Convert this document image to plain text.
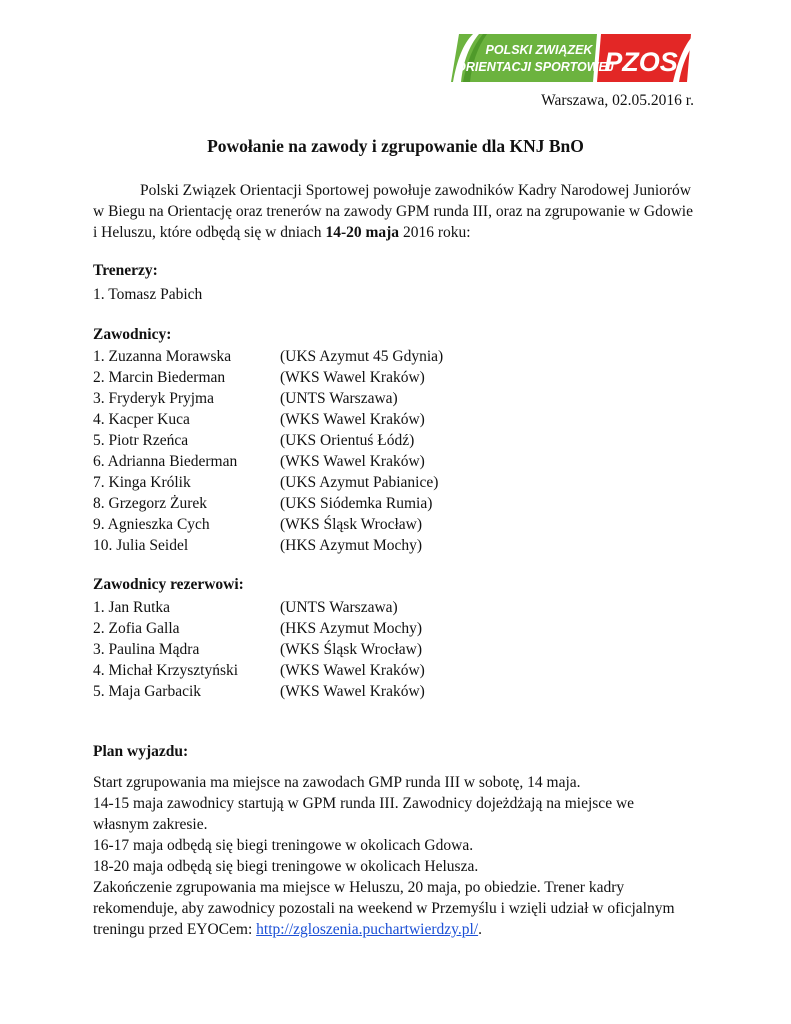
POLSKI ZWIĄZEK
ORIENTACJI SPORTOWEJ
PZOS
Warszawa, 02.05.2016 r.
Powołanie na zawody i zgrupowanie dla KNJ BnO

Polski Związek Orientacji Sportowej powołuje zawodników Kadry Narodowej Juniorów w Biegu na Orientację oraz trenerów na zawody GPM runda III, oraz na zgrupowanie w Gdowie i Heluszu, które odbędą się w dniach 14-20 maja 2016 roku:

Trenerzy:
1. Tomasz Pabich
Zawodnicy:
1. Zuzanna Morawska	(UKS Azymut 45 Gdynia)
2. Marcin Biederman	(WKS Wawel Kraków)
3. Fryderyk Pryjma	(UNTS Warszawa)
4. Kacper Kuca	(WKS Wawel Kraków)
5. Piotr Rzeńca	(UKS Orientuś Łódź)
6. Adrianna Biederman	(WKS Wawel Kraków)
7. Kinga Królik	(UKS Azymut Pabianice)
8. Grzegorz Żurek	(UKS Siódemka Rumia)
9. Agnieszka Cych	(WKS Śląsk Wrocław)
10. Julia Seidel	(HKS Azymut Mochy)
Zawodnicy rezerwowi:
1. Jan Rutka	(UNTS Warszawa)
2. Zofia Galla	(HKS Azymut Mochy)
3. Paulina Mądra	(WKS Śląsk Wrocław)
4. Michał Krzysztyński	(WKS Wawel Kraków)
5. Maja Garbacik	(WKS Wawel Kraków)
Plan wyjazdu:

Start zgrupowania ma miejsce na zawodach GMP runda III w sobotę, 14 maja.

14-15 maja zawodnicy startują w GPM runda III. Zawodnicy dojeżdżają na miejsce we własnym zakresie.

16-17 maja odbędą się biegi treningowe w okolicach Gdowa.

18-20 maja odbędą się biegi treningowe w okolicach Helusza.

Zakończenie zgrupowania ma miejsce w Heluszu, 20 maja, po obiedzie. Trener kadry rekomenduje, aby zawodnicy pozostali na weekend w Przemyślu i wzięli udział w oficjalnym treningu przed EYOCem: http://zgloszenia.puchartwierdzy.pl/.
